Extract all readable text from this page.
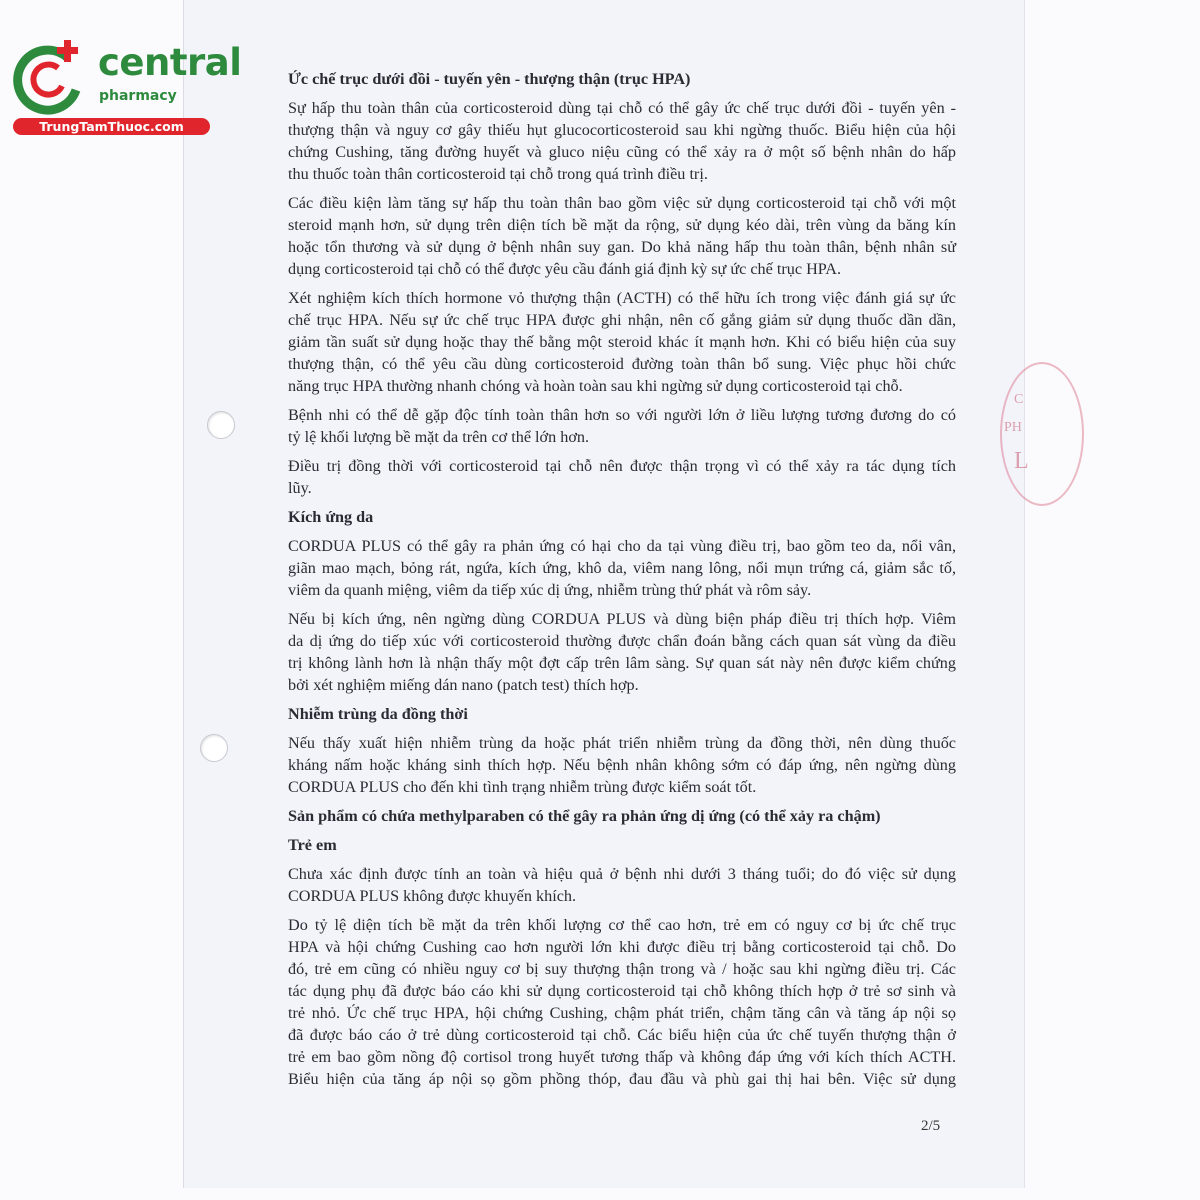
central
pharmacy
TrungTamThuoc.com
C
PH
L
Ức chế trục dưới đồi - tuyến yên - thượng thận (trục HPA)
Sự hấp thu toàn thân của corticosteroid dùng tại chỗ có thể gây ức chế trục dưới đồi - tuyến yên -
thượng thận và nguy cơ gây thiếu hụt glucocorticosteroid sau khi ngừng thuốc. Biểu hiện của hội
chứng Cushing, tăng đường huyết và gluco niệu cũng có thể xảy ra ở một số bệnh nhân do hấp
thu thuốc toàn thân corticosteroid tại chỗ trong quá trình điều trị.
Các điều kiện làm tăng sự hấp thu toàn thân bao gồm việc sử dụng corticosteroid tại chỗ với một
steroid mạnh hơn, sử dụng trên diện tích bề mặt da rộng, sử dụng kéo dài, trên vùng da băng kín
hoặc tổn thương và sử dụng ở bệnh nhân suy gan. Do khả năng hấp thu toàn thân, bệnh nhân sử
dụng corticosteroid tại chỗ có thể được yêu cầu đánh giá định kỳ sự ức chế trục HPA.
Xét nghiệm kích thích hormone vỏ thượng thận (ACTH) có thể hữu ích trong việc đánh giá sự ức
chế trục HPA. Nếu sự ức chế trục HPA được ghi nhận, nên cố gắng giảm sử dụng thuốc dần dần,
giảm tần suất sử dụng hoặc thay thế bằng một steroid khác ít mạnh hơn. Khi có biểu hiện của suy
thượng thận, có thể yêu cầu dùng corticosteroid đường toàn thân bổ sung. Việc phục hồi chức
năng trục HPA thường nhanh chóng và hoàn toàn sau khi ngừng sử dụng corticosteroid tại chỗ.
Bệnh nhi có thể dễ gặp độc tính toàn thân hơn so với người lớn ở liều lượng tương đương do có
tỷ lệ khối lượng bề mặt da trên cơ thể lớn hơn.
Điều trị đồng thời với corticosteroid tại chỗ nên được thận trọng vì có thể xảy ra tác dụng tích
lũy.
Kích ứng da
CORDUA PLUS có thể gây ra phản ứng có hại cho da tại vùng điều trị, bao gồm teo da, nổi vân,
giãn mao mạch, bỏng rát, ngứa, kích ứng, khô da, viêm nang lông, nổi mụn trứng cá, giảm sắc tố,
viêm da quanh miệng, viêm da tiếp xúc dị ứng, nhiễm trùng thứ phát và rôm sảy.
Nếu bị kích ứng, nên ngừng dùng CORDUA PLUS và dùng biện pháp điều trị thích hợp. Viêm
da dị ứng do tiếp xúc với corticosteroid thường được chẩn đoán bằng cách quan sát vùng da điều
trị không lành hơn là nhận thấy một đợt cấp trên lâm sàng. Sự quan sát này nên được kiểm chứng
bởi xét nghiệm miếng dán nano (patch test) thích hợp.
Nhiễm trùng da đồng thời
Nếu thấy xuất hiện nhiễm trùng da hoặc phát triển nhiễm trùng da đồng thời, nên dùng thuốc
kháng nấm hoặc kháng sinh thích hợp. Nếu bệnh nhân không sớm có đáp ứng, nên ngừng dùng
CORDUA PLUS cho đến khi tình trạng nhiễm trùng được kiểm soát tốt.
Sản phẩm có chứa methylparaben có thể gây ra phản ứng dị ứng (có thể xảy ra chậm)
Trẻ em
Chưa xác định được tính an toàn và hiệu quả ở bệnh nhi dưới 3 tháng tuổi; do đó việc sử dụng
CORDUA PLUS không được khuyến khích.
Do tỷ lệ diện tích bề mặt da trên khối lượng cơ thể cao hơn, trẻ em có nguy cơ bị ức chế trục
HPA và hội chứng Cushing cao hơn người lớn khi được điều trị bằng corticosteroid tại chỗ. Do
đó, trẻ em cũng có nhiều nguy cơ bị suy thượng thận trong và / hoặc sau khi ngừng điều trị. Các
tác dụng phụ đã được báo cáo khi sử dụng corticosteroid tại chỗ không thích hợp ở trẻ sơ sinh và
trẻ nhỏ. Ức chế trục HPA, hội chứng Cushing, chậm phát triển, chậm tăng cân và tăng áp nội sọ
đã được báo cáo ở trẻ dùng corticosteroid tại chỗ. Các biểu hiện của ức chế tuyến thượng thận ở
trẻ em bao gồm nồng độ cortisol trong huyết tương thấp và không đáp ứng với kích thích ACTH.
Biểu hiện của tăng áp nội sọ gồm phồng thóp, đau đầu và phù gai thị hai bên. Việc sử dụng
2/5
